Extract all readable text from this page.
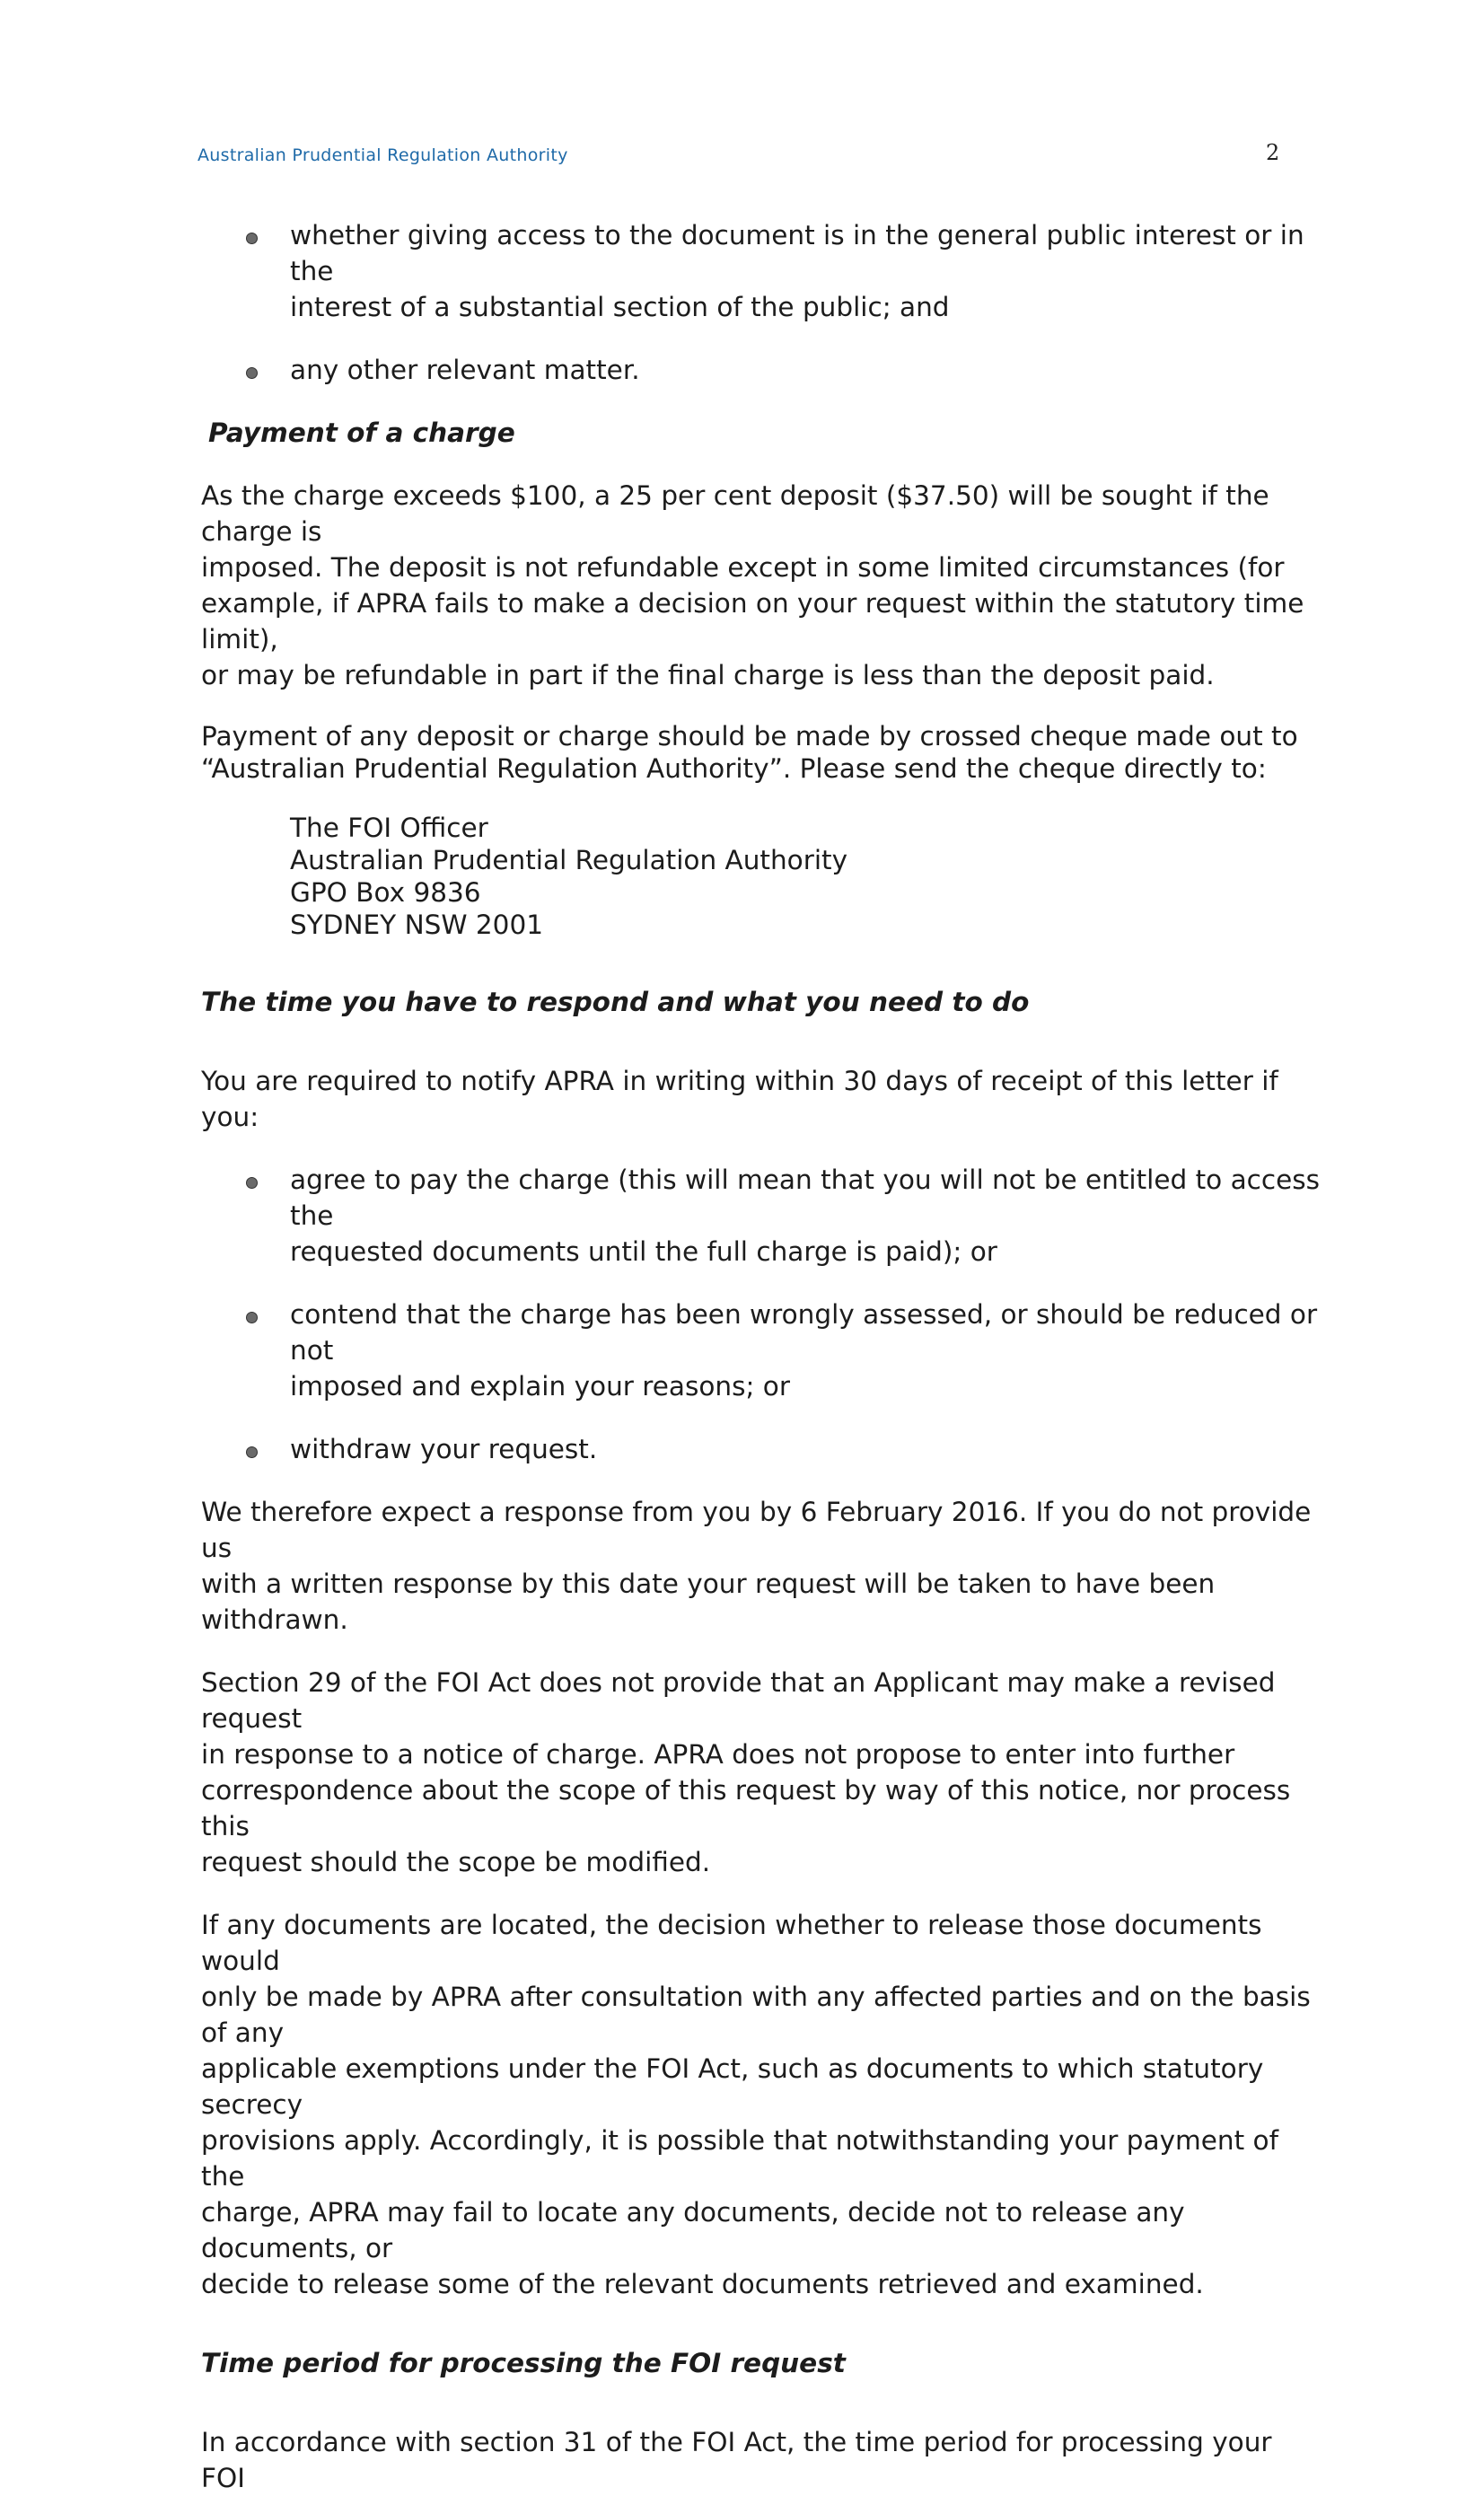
Australian Prudential Regulation Authority	2
whether giving access to the document is in the general public interest or in the
interest of a substantial section of the public; and
any other relevant matter.

Payment of a charge

As the charge exceeds $100, a 25 per cent deposit ($37.50) will be sought if the charge is
imposed. The deposit is not refundable except in some limited circumstances (for
example, if APRA fails to make a decision on your request within the statutory time limit),
or may be refundable in part if the final charge is less than the deposit paid.

Payment of any deposit or charge should be made by crossed cheque made out to
“Australian Prudential Regulation Authority”. Please send the cheque directly to:

The FOI Officer
Australian Prudential Regulation Authority
GPO Box 9836
SYDNEY NSW 2001

The time you have to respond and what you need to do

You are required to notify APRA in writing within 30 days of receipt of this letter if you:

agree to pay the charge (this will mean that you will not be entitled to access the
requested documents until the full charge is paid); or
contend that the charge has been wrongly assessed, or should be reduced or not
imposed and explain your reasons; or
withdraw your request.

We therefore expect a response from you by 6 February 2016. If you do not provide us
with a written response by this date your request will be taken to have been withdrawn.

Section 29 of the FOI Act does not provide that an Applicant may make a revised request
in response to a notice of charge. APRA does not propose to enter into further
correspondence about the scope of this request by way of this notice, nor process this
request should the scope be modified.

If any documents are located, the decision whether to release those documents would
only be made by APRA after consultation with any affected parties and on the basis of any
applicable exemptions under the FOI Act, such as documents to which statutory secrecy
provisions apply. Accordingly, it is possible that notwithstanding your payment of the
charge, APRA may fail to locate any documents, decide not to release any documents, or
decide to release some of the relevant documents retrieved and examined.

Time period for processing the FOI request

In accordance with section 31 of the FOI Act, the time period for processing your FOI
